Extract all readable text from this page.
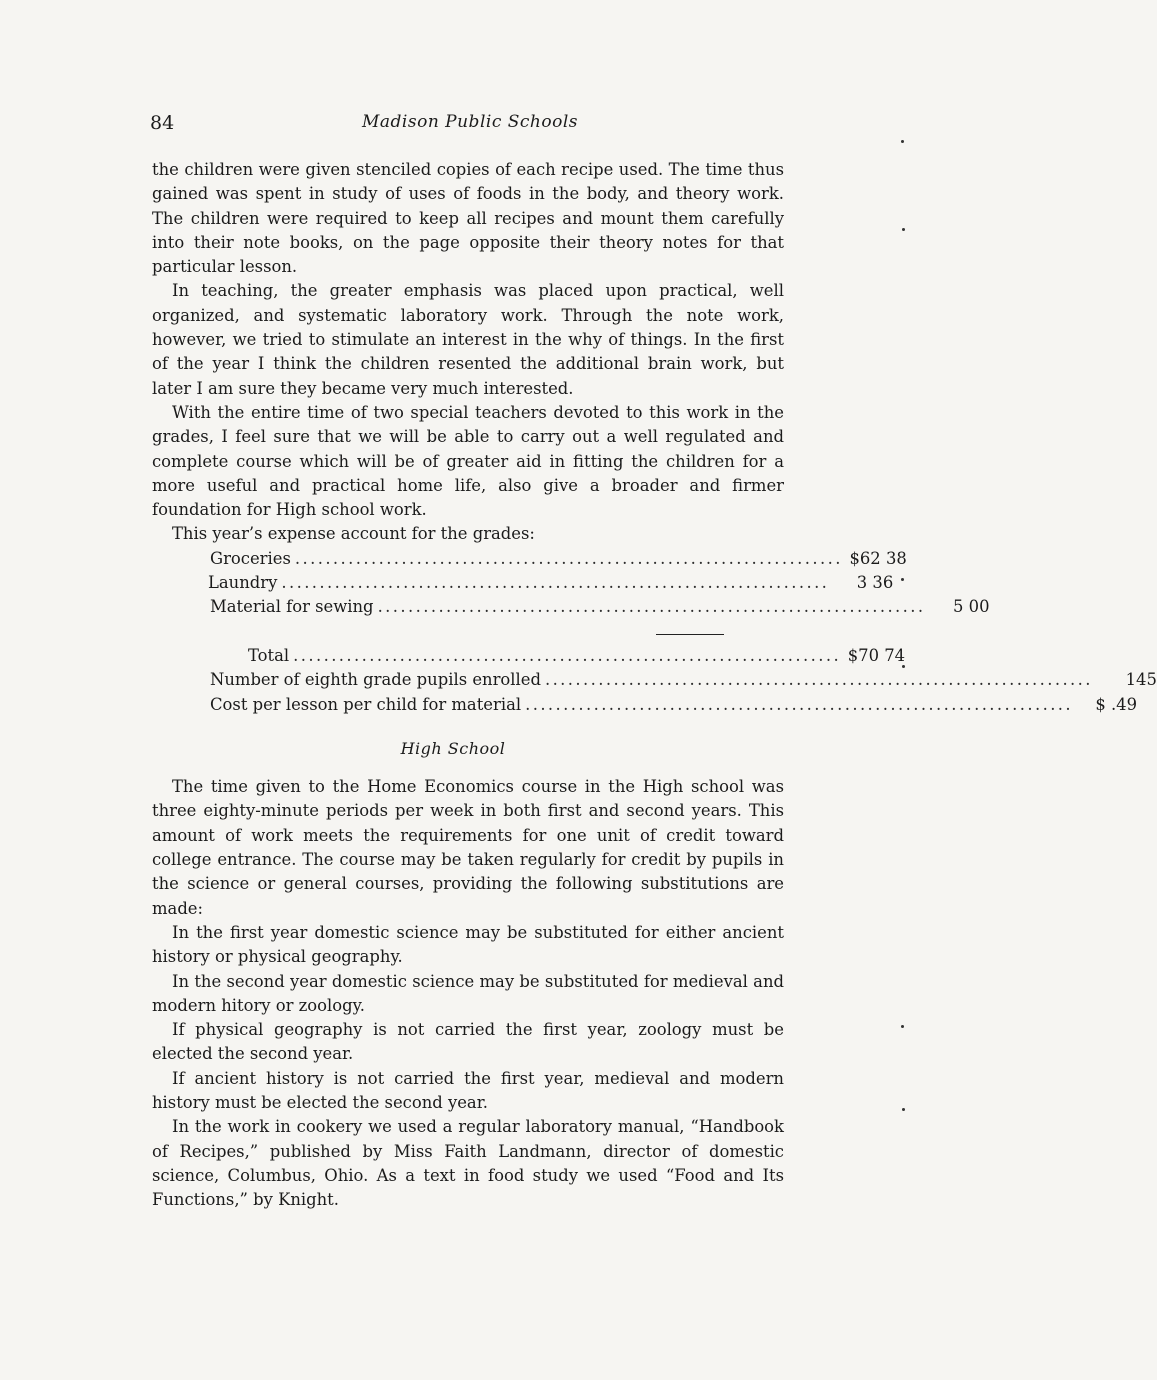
84	Madison Public Schools

the children were given stenciled copies of each recipe used. The time thus gained was spent in study of uses of foods in the body, and theory work. The children were required to keep all recipes and mount them carefully into their note books, on the page opposite their theory notes for that particular lesson.

In teaching, the greater emphasis was placed upon practical, well organized, and systematic laboratory work. Through the note work, however, we tried to stimulate an interest in the why of things. In the first of the year I think the children resented the additional brain work, but later I am sure they became very much interested.

With the entire time of two special teachers devoted to this work in the grades, I feel sure that we will be able to carry out a well regulated and complete course which will be of greater aid in fitting the children for a more useful and practical home life, also give a broader and firmer foundation for High school work.

This year’s expense account for the grades:

Groceries ........................................................................ $62 38
Laundry ........................................................................	3 36
Material for sewing ........................................................................	5 00
Total ........................................................................ $70 74
Number of eighth grade pupils enrolled ........................................................................	145
Cost per lesson per child for material ........................................................................	$ .49

High School

The time given to the Home Economics course in the High school was three eighty-minute periods per week in both first and second years. This amount of work meets the requirements for one unit of credit toward college entrance. The course may be taken regularly for credit by pupils in the science or general courses, providing the following substitutions are made:

In the first year domestic science may be substituted for either ancient history or physical geography.

In the second year domestic science may be substituted for medieval and modern hitory or zoology.

If physical geography is not carried the first year, zoology must be elected the second year.

If ancient history is not carried the first year, medieval and modern history must be elected the second year.

In the work in cookery we used a regular laboratory manual, “Handbook of Recipes,” published by Miss Faith Landmann, director of domestic science, Columbus, Ohio. As a text in food study we used “Food and Its Functions,” by Knight.
